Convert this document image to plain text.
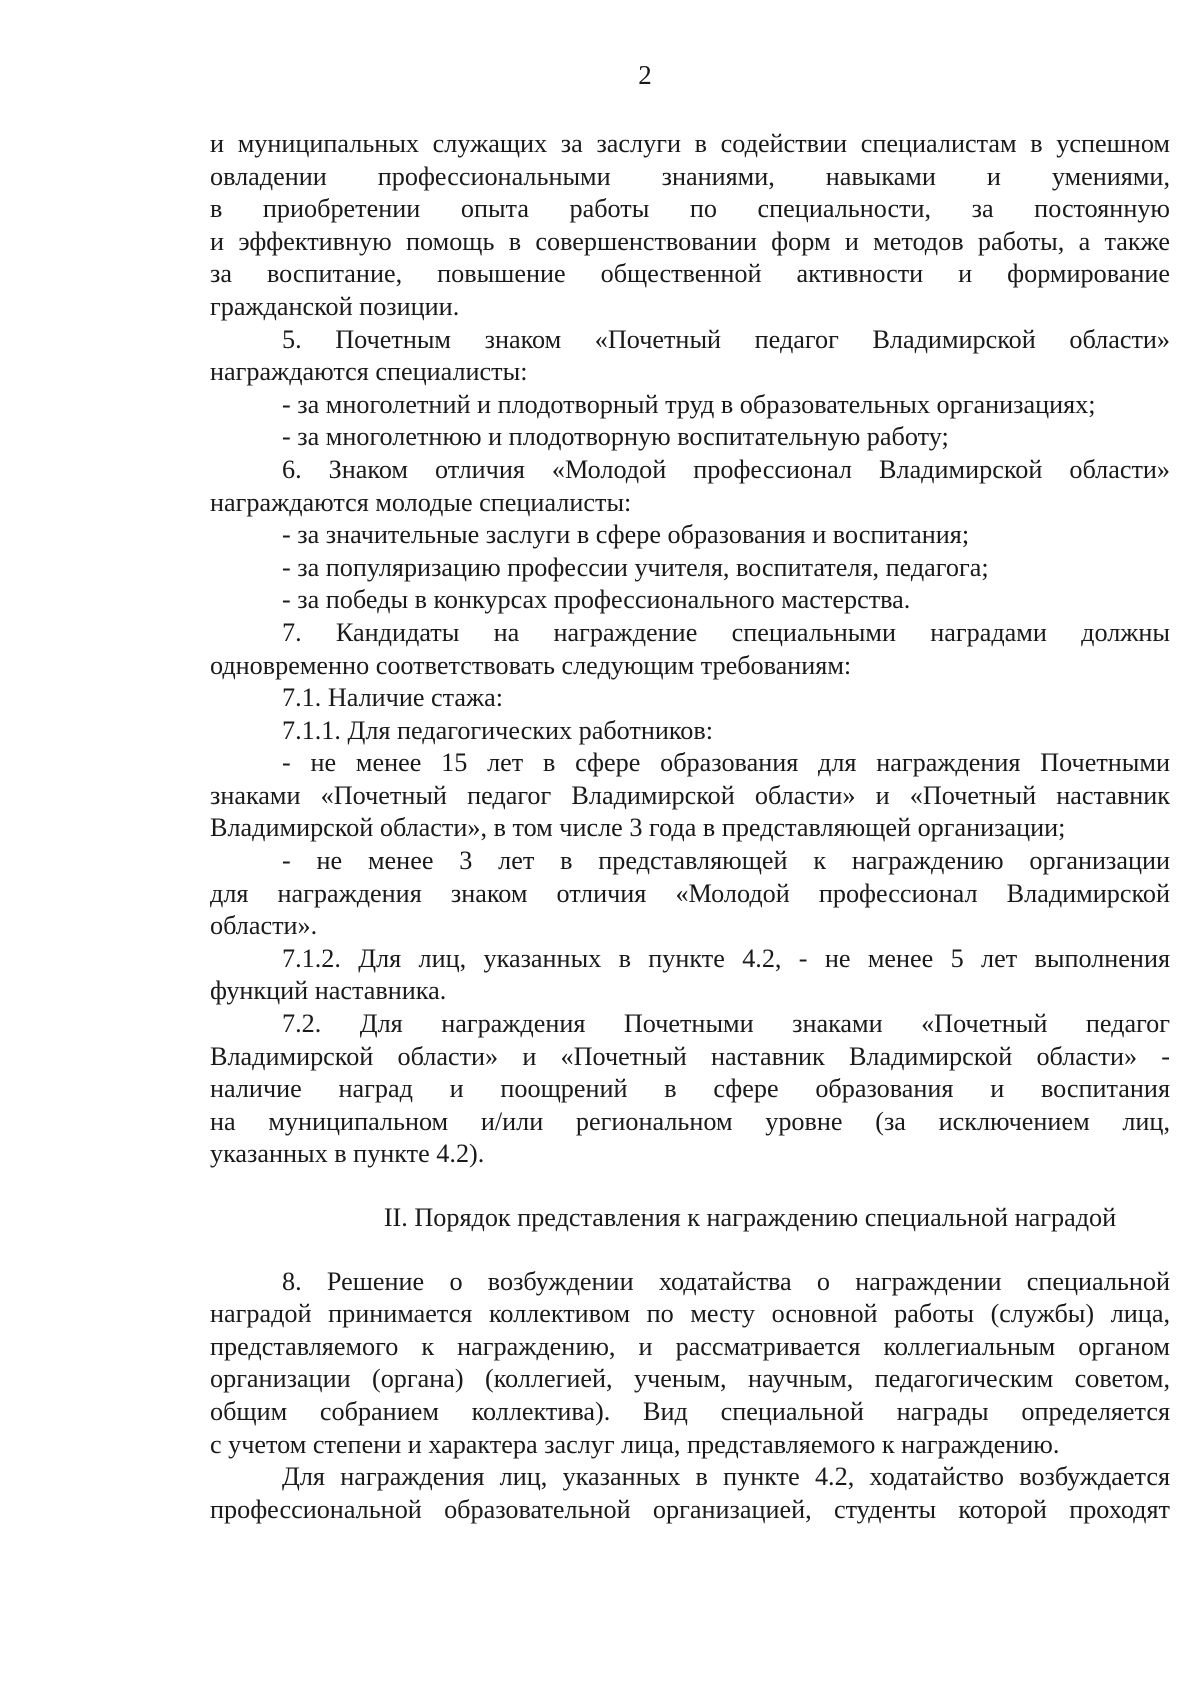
2

и муниципальных служащих за заслуги в содействии специалистам в успешном

овладении профессиональными знаниями, навыками и умениями,

в приобретении опыта работы по специальности, за постоянную

и эффективную помощь в совершенствовании форм и методов работы, а также

за воспитание, повышение общественной активности и формирование

гражданской позиции.

5. Почетным знаком «Почетный педагог Владимирской области»

награждаются специалисты:

- за многолетний и плодотворный труд в образовательных организациях;

- за многолетнюю и плодотворную воспитательную работу;

6. Знаком отличия «Молодой профессионал Владимирской области»

награждаются молодые специалисты:

- за значительные заслуги в сфере образования и воспитания;

- за популяризацию профессии учителя, воспитателя, педагога;

- за победы в конкурсах профессионального мастерства.

7. Кандидаты на награждение специальными наградами должны

одновременно соответствовать следующим требованиям:

7.1. Наличие стажа:

7.1.1. Для педагогических работников:

- не менее 15 лет в сфере образования для награждения Почетными

знаками «Почетный педагог Владимирской области» и «Почетный наставник

Владимирской области», в том числе 3 года в представляющей организации;

- не менее 3 лет в представляющей к награждению организации

для награждения знаком отличия «Молодой профессионал Владимирской

области».

7.1.2. Для лиц, указанных в пункте 4.2, - не менее 5 лет выполнения

функций наставника.

7.2. Для награждения Почетными знаками «Почетный педагог

Владимирской области» и «Почетный наставник Владимирской области» -

наличие наград и поощрений в сфере образования и воспитания

на муниципальном и/или региональном уровне (за исключением лиц,

указанных в пункте 4.2).

II. Порядок представления к награждению специальной наградой

8. Решение о возбуждении ходатайства о награждении специальной

наградой принимается коллективом по месту основной работы (службы) лица,

представляемого к награждению, и рассматривается коллегиальным органом

организации (органа) (коллегией, ученым, научным, педагогическим советом,

общим собранием коллектива). Вид специальной награды определяется

с учетом степени и характера заслуг лица, представляемого к награждению.

Для награждения лиц, указанных в пункте 4.2, ходатайство возбуждается

профессиональной образовательной организацией, студенты которой проходят
